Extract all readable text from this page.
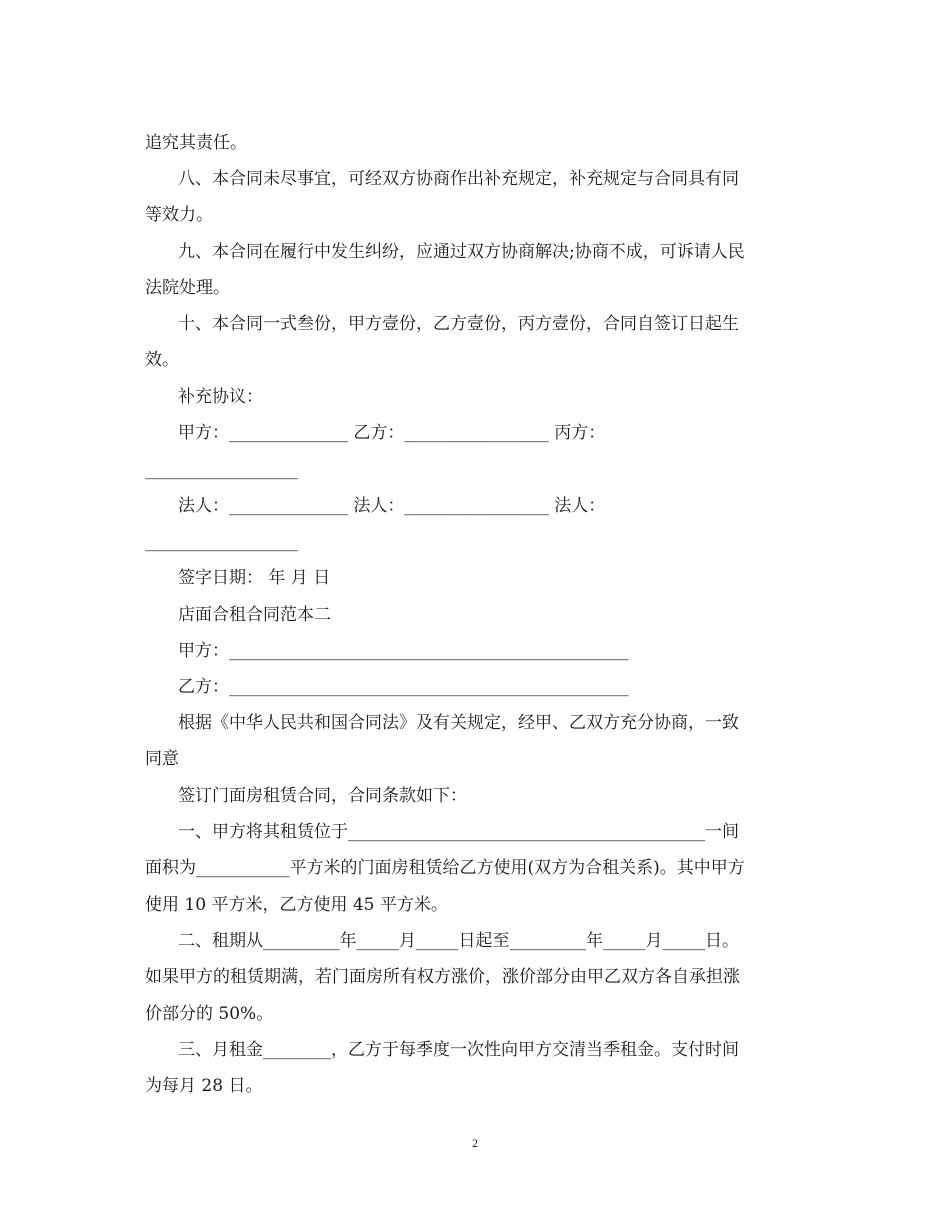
追究其责任。
八、本合同未尽事宜，可经双方协商作出补充规定，补充规定与合同具有同
等效力。
九、本合同在履行中发生纠纷，应通过双方协商解决;协商不成，可诉请人民
法院处理。
十、本合同一式叁份，甲方壹份，乙方壹份，丙方壹份，合同自签订日起生
效。
补充协议：
甲方：______________ 乙方：_________________ 丙方：
__________________
法人：______________ 法人：_________________ 法人：
__________________
签字日期： 年 月 日
店面合租合同范本二
甲方：_______________________________________________
乙方：_______________________________________________
根据《中华人民共和国合同法》及有关规定，经甲、乙双方充分协商，一致
同意
签订门面房租赁合同，合同条款如下：
一、甲方将其租赁位于__________________________________________一间
面积为___________平方米的门面房租赁给乙方使用(双方为合租关系)。其中甲方
使用 10 平方米，乙方使用 45 平方米。
二、租期从_________年_____月_____日起至_________年_____月_____日。
如果甲方的租赁期满，若门面房所有权方涨价，涨价部分由甲乙双方各自承担涨
价部分的 50%。
三、月租金________，乙方于每季度一次性向甲方交清当季租金。支付时间
为每月 28 日。
2
